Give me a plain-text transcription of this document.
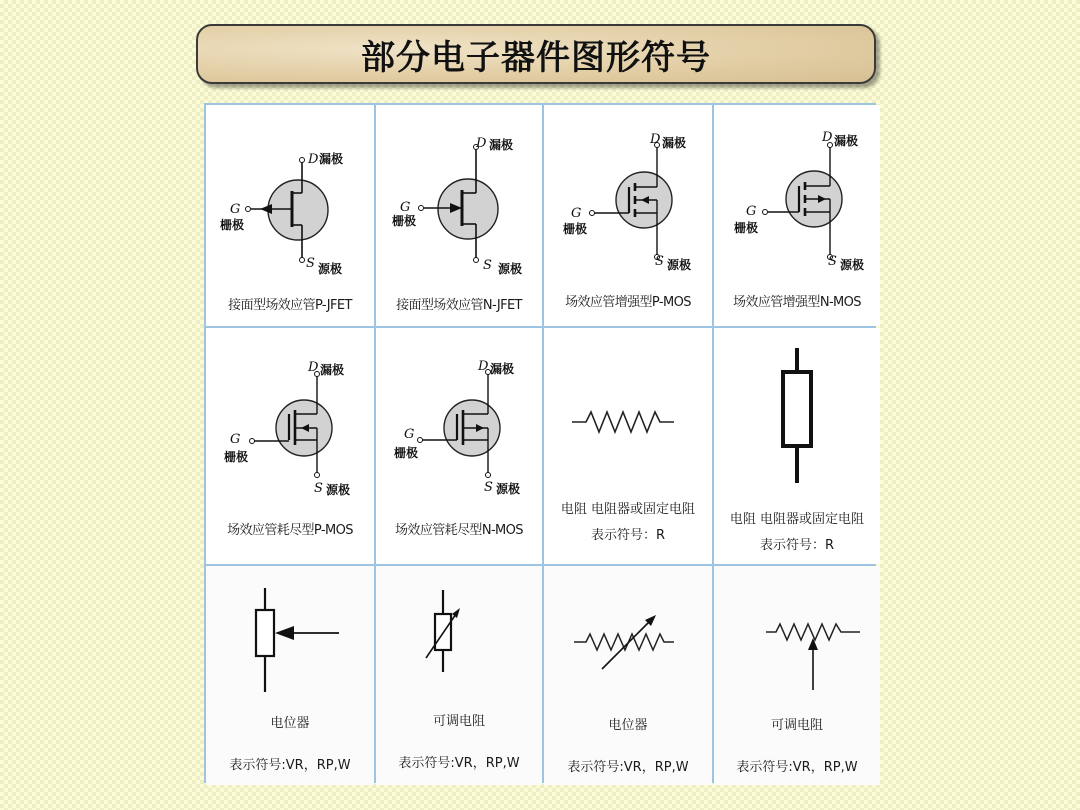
部分电子器件图形符号
D 漏极
G
栅极
S 源极
接面型场效应管P-JFET
D 漏极
G
栅极
S 源极
接面型场效应管N-JFET
D 漏极
G
栅极
S 源极
场效应管增强型P-MOS
D 漏极
G
栅极
S 源极
场效应管增强型N-MOS
D 漏极
G
栅极
S 源极
场效应管耗尽型P-MOS
D 漏极
G
栅极
S 源极
场效应管耗尽型N-MOS
电阻 电阻器或固定电阻
表示符号：R
电阻 电阻器或固定电阻
表示符号：R
电位器
表示符号:VR，RP,W
可调电阻
表示符号:VR，RP,W
电位器
表示符号:VR，RP,W
可调电阻
表示符号:VR，RP,W
